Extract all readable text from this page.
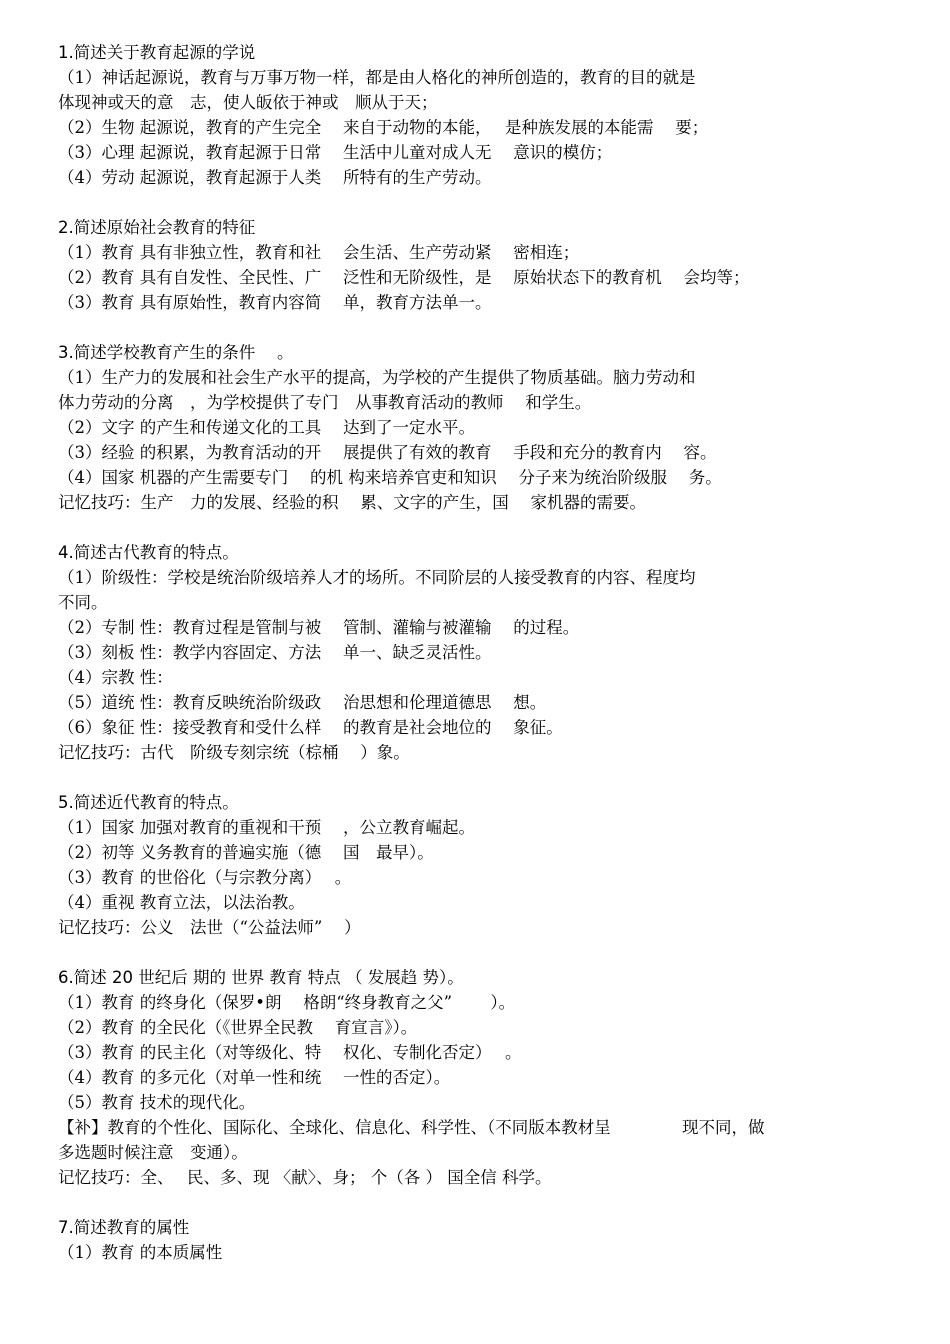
1.简述关于教育起源的学说
（1）神话起源说，教育与万事万物一样，都是由人格化的神所创造的，教育的目的就是
体现神或天的意　志，使人皈依于神或　顺从于天；
（2）生物 起源说，教育的产生完全　 来自于动物的本能，　 是种族发展的本能需　 要；
（3）心理 起源说，教育起源于日常　 生活中儿童对成人无　 意识的模仿；
（4）劳动 起源说，教育起源于人类　 所特有的生产劳动。
2.简述原始社会教育的特征
（1）教育 具有非独立性，教育和社　 会生活、生产劳动紧　 密相连；
（2）教育 具有自发性、全民性、广　 泛性和无阶级性，是　 原始状态下的教育机　 会均等；
（3）教育 具有原始性，教育内容简　 单，教育方法单一。
3.简述学校教育产生的条件　 。
（1）生产力的发展和社会生产水平的提高，为学校的产生提供了物质基础。脑力劳动和
体力劳动的分离　，为学校提供了专门　从事教育活动的教师　 和学生。
（2）文字 的产生和传递文化的工具　 达到了一定水平。
（3）经验 的积累，为教育活动的开　 展提供了有效的教育　 手段和充分的教育内　 容。
（4）国家 机器的产生需要专门　 的机 构来培养官吏和知识　 分子来为统治阶级服　 务。
记忆技巧：生产　力的发展、经验的积　 累、文字的产生，国　 家机器的需要。
4.简述古代教育的特点。
（1）阶级性：学校是统治阶级培养人才的场所。不同阶层的人接受教育的内容、程度均
不同。
（2）专制 性：教育过程是管制与被　 管制、灌输与被灌输　 的过程。
（3）刻板 性：教学内容固定、方法　 单一、缺乏灵活性。
（4）宗教 性：
（5）道统 性：教育反映统治阶级政　 治思想和伦理道德思　 想。
（6）象征 性：接受教育和受什么样　 的教育是社会地位的　 象征。
记忆技巧：古代　阶级专刻宗统（棕桶　 ）象。
5.简述近代教育的特点。
（1）国家 加强对教育的重视和干预　 ，公立教育崛起。
（2）初等 义务教育的普遍实施（德　 国　最早）。
（3）教育 的世俗化（与宗教分离）　 。
（4）重视 教育立法，以法治教。
记忆技巧：公义　法世（“公益法师”　 ）
6.简述 20 世纪后 期的 世界 教育 特点 （ 发展趋 势）。
（1）教育 的终身化（保罗•朗　 格朗“终身教育之父”　　 ）。
（2）教育 的全民化（《世界全民教　 育宣言》）。
（3）教育 的民主化（对等级化、特　 权化、专制化否定）　 。
（4）教育 的多元化（对单一性和统　 一性的否定）。
（5）教育 技术的现代化。
【补】教育的个性化、国际化、全球化、信息化、科学性、（不同版本教材呈　　　　 现不同，做
多选题时候注意　变通）。
记忆技巧：全、　 民、多、现 〈献〉、身； 个（各 ） 国全信 科学。
7.简述教育的属性
（1）教育 的本质属性
